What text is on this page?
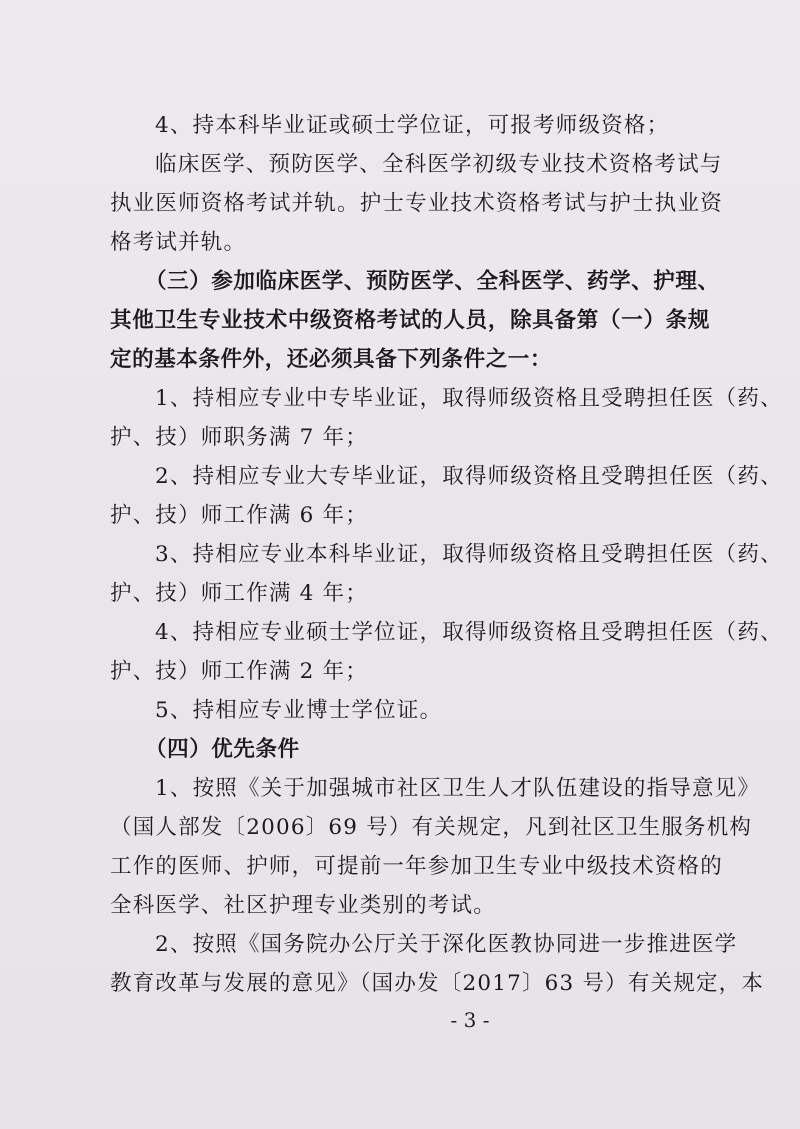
4、持本科毕业证或硕士学位证，可报考师级资格；
临床医学、预防医学、全科医学初级专业技术资格考试与
执业医师资格考试并轨。护士专业技术资格考试与护士执业资
格考试并轨。
（三）参加临床医学、预防医学、全科医学、药学、护理、
其他卫生专业技术中级资格考试的人员，除具备第（一）条规
定的基本条件外，还必须具备下列条件之一：
1、持相应专业中专毕业证，取得师级资格且受聘担任医（药、
护、技）师职务满 7 年；
2、持相应专业大专毕业证，取得师级资格且受聘担任医（药、
护、技）师工作满 6 年；
3、持相应专业本科毕业证，取得师级资格且受聘担任医（药、
护、技）师工作满 4 年；
4、持相应专业硕士学位证，取得师级资格且受聘担任医（药、
护、技）师工作满 2 年；
5、持相应专业博士学位证。
（四）优先条件
1、按照《关于加强城市社区卫生人才队伍建设的指导意见》
（国人部发〔2006〕69 号）有关规定，凡到社区卫生服务机构
工作的医师、护师，可提前一年参加卫生专业中级技术资格的
全科医学、社区护理专业类别的考试。
2、按照《国务院办公厅关于深化医教协同进一步推进医学
教育改革与发展的意见》（国办发〔2017〕63 号）有关规定，本
- 3 -
